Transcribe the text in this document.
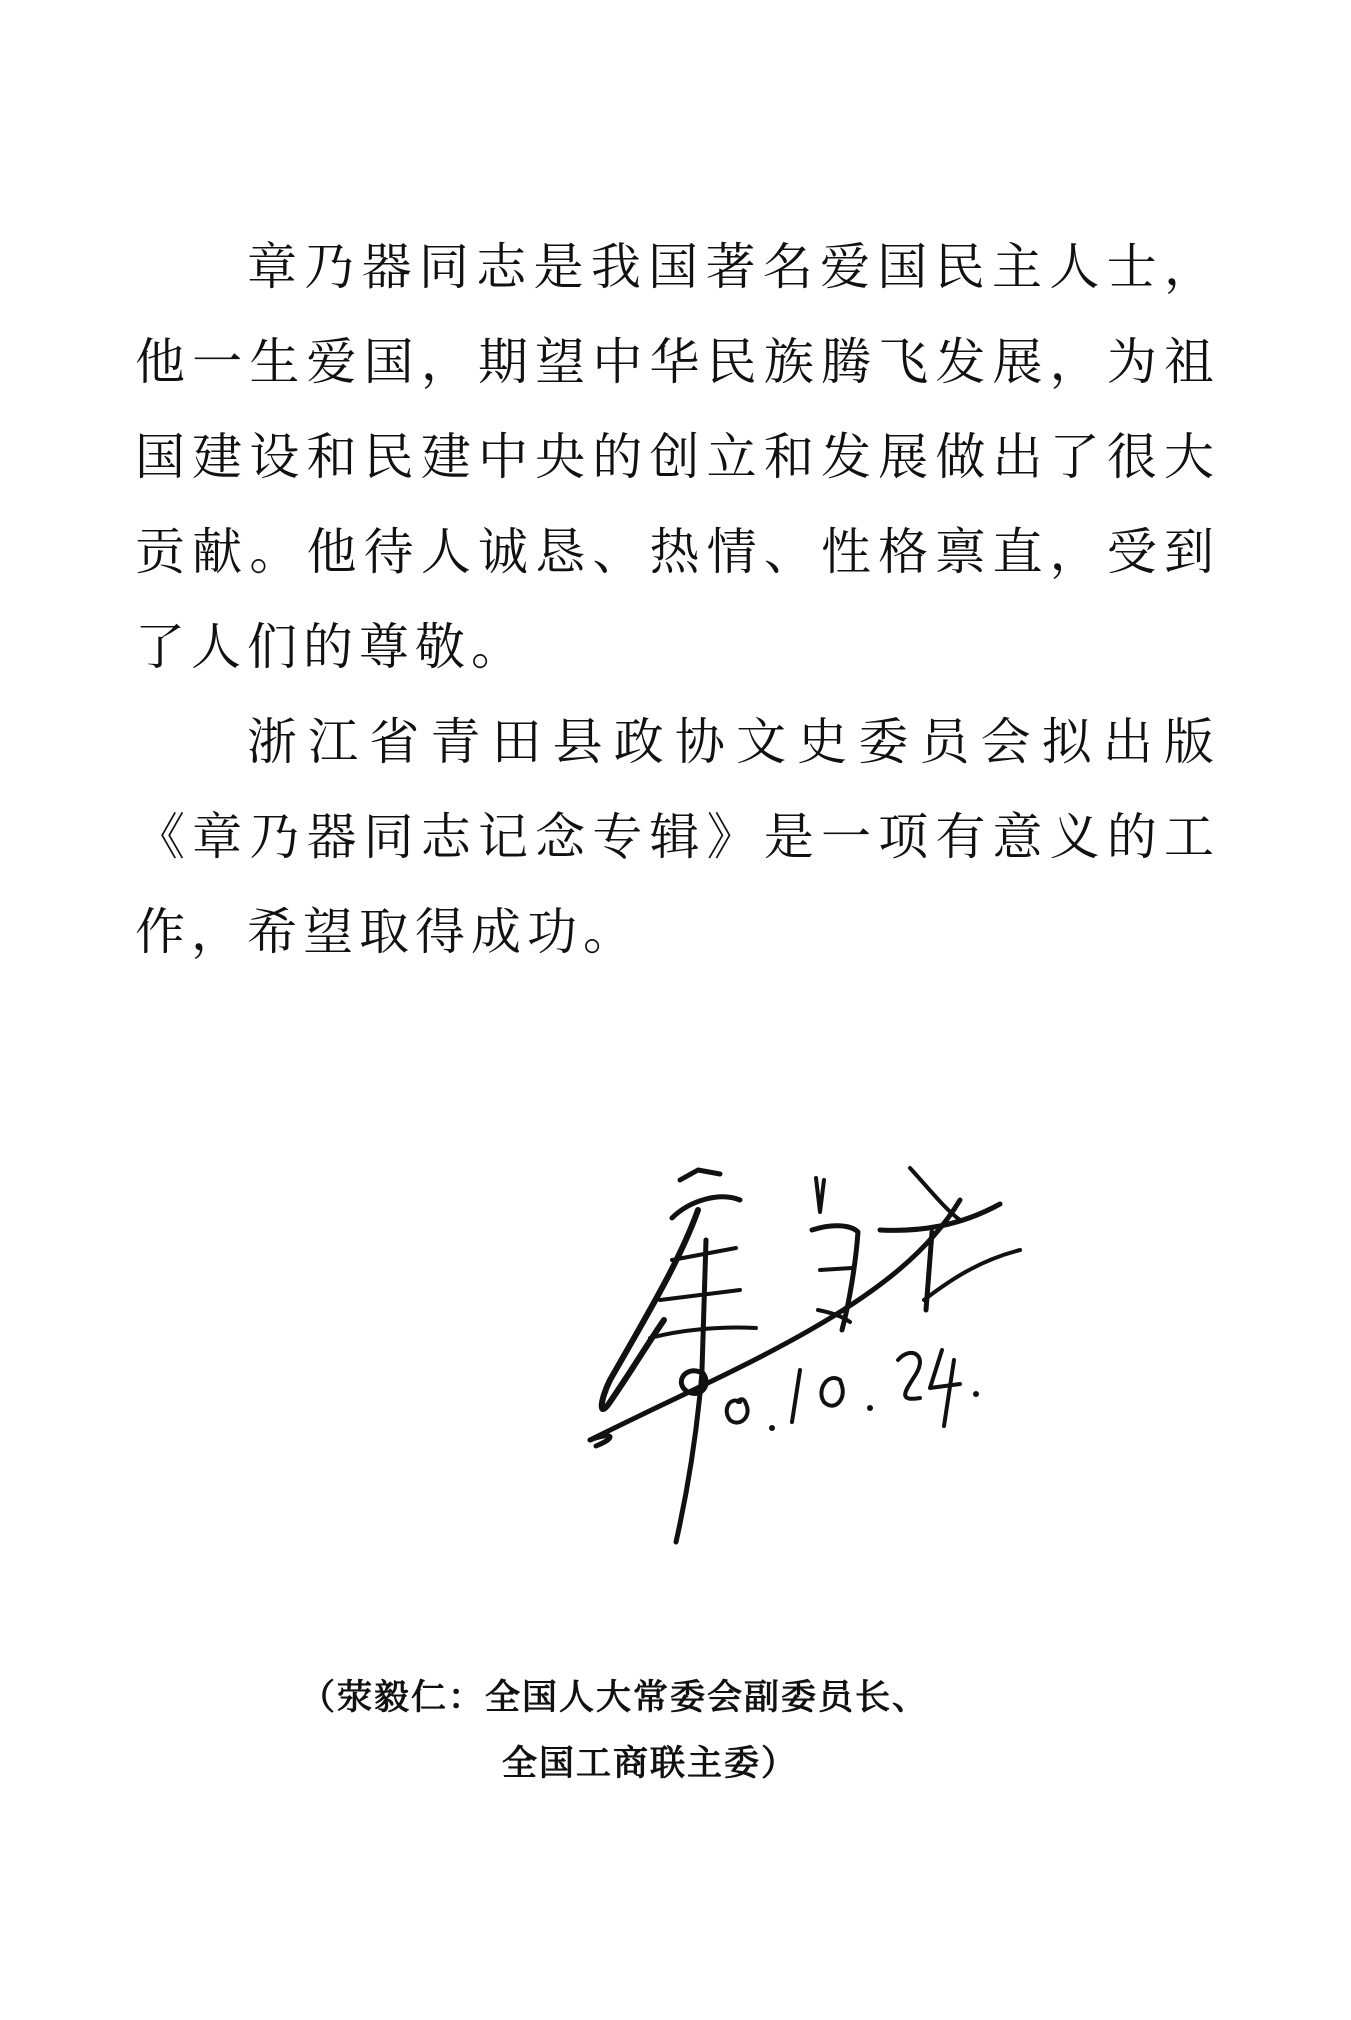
章乃器同志是我国著名爱国民主人士，他一生爱国，期望中华民族腾飞发展，为祖国建设和民建中央的创立和发展做出了很大贡献。他待人诚恳、热情、性格禀直，受到了人们的尊敬。

浙江省青田县政协文史委员会拟出版《章乃器同志记念专辑》是一项有意义的工作，希望取得成功。

（荥毅仁：全国人大常委会副委员长、
全国工商联主委）
